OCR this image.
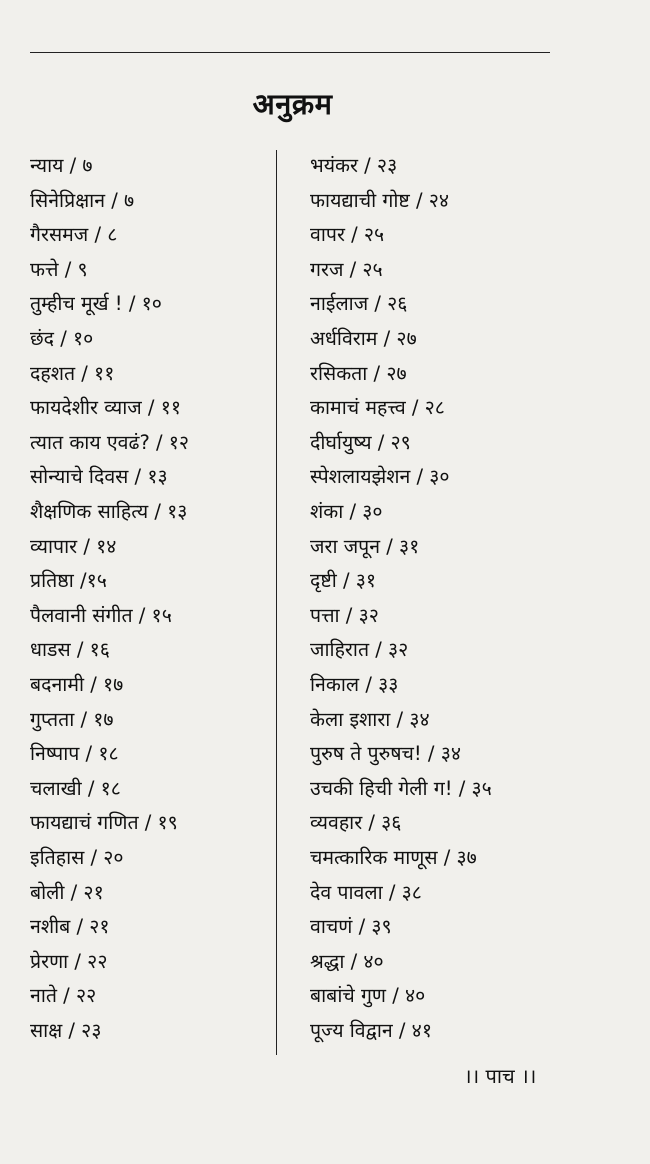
अनुक्रम
न्याय / ७
सिनेप्रिक्षान / ७
गैरसमज / ८
फत्ते / ९
तुम्हीच मूर्ख ! / १०
छंद / १०
दहशत / ११
फायदेशीर व्याज / ११
त्यात काय एवढं? / १२
सोन्याचे दिवस / १३
शैक्षणिक साहित्य / १३
व्यापार / १४
प्रतिष्ठा /१५
पैलवानी संगीत / १५
धाडस / १६
बदनामी / १७
गुप्तता / १७
निष्पाप / १८
चलाखी / १८
फायद्याचं गणित / १९
इतिहास / २०
बोली / २१
नशीब / २१
प्रेरणा / २२
नाते / २२
साक्ष / २३
भयंकर / २३
फायद्याची गोष्ट / २४
वापर / २५
गरज / २५
नाईलाज / २६
अर्धविराम / २७
रसिकता / २७
कामाचं महत्त्व / २८
दीर्घायुष्य / २९
स्पेशलायझेशन / ३०
शंका / ३०
जरा जपून / ३१
दृष्टी / ३१
पत्ता / ३२
जाहिरात / ३२
निकाल / ३३
केला इशारा / ३४
पुरुष ते पुरुषच! / ३४
उचकी हिची गेली ग! / ३५
व्यवहार / ३६
चमत्कारिक माणूस / ३७
देव पावला / ३८
वाचणं / ३९
श्रद्धा / ४०
बाबांचे गुण / ४०
पूज्य विद्वान / ४१
।। पाच ।।
